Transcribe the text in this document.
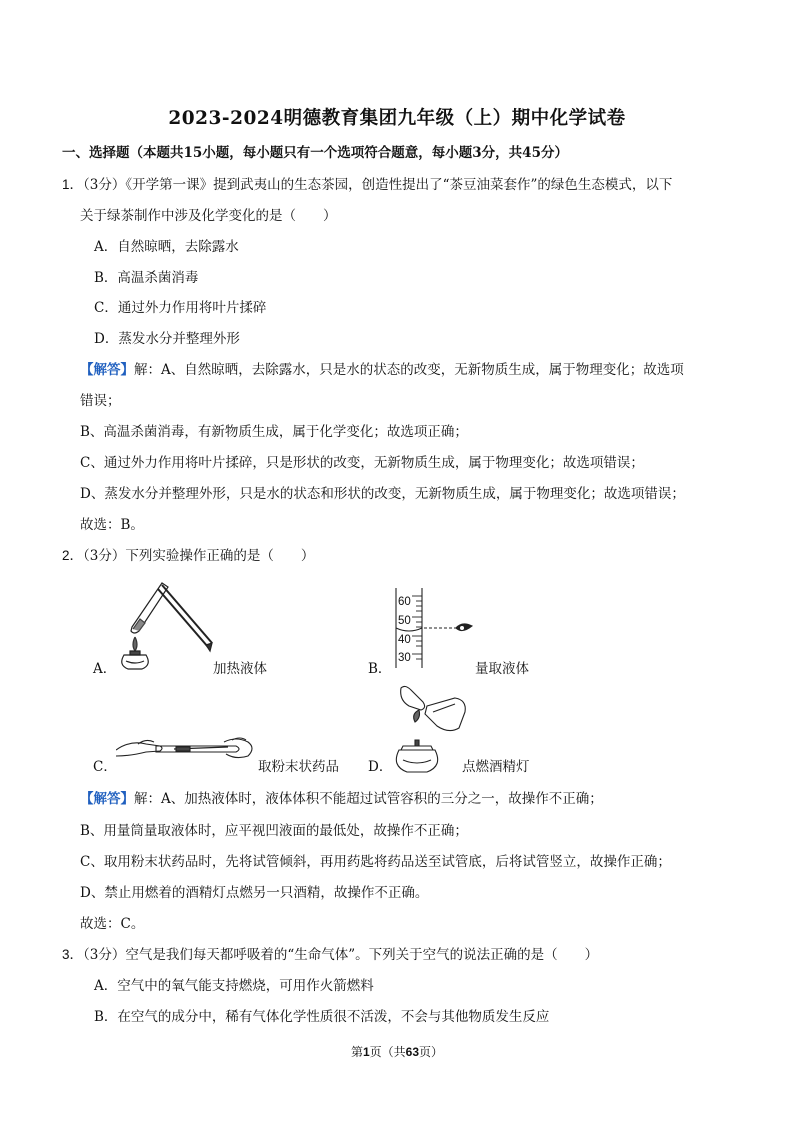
2023-2024明德教育集团九年级（上）期中化学试卷
一、选择题（本题共15小题，每小题只有一个选项符合题意，每小题3分，共45分）
1．（3分）《开学第一课》提到武夷山的生态茶园，创造性提出了“茶豆油菜套作”的绿色生态模式，以下
关于绿茶制作中涉及化学变化的是（　　）
A．自然晾晒，去除露水
B．高温杀菌消毒
C．通过外力作用将叶片揉碎
D．蒸发水分并整理外形
【解答】解：A、自然晾晒，去除露水，只是水的状态的改变，无新物质生成，属于物理变化；故选项
错误；
B、高温杀菌消毒，有新物质生成，属于化学变化；故选项正确；
C、通过外力作用将叶片揉碎，只是形状的改变，无新物质生成，属于物理变化；故选项错误；
D、蒸发水分并整理外形，只是水的状态和形状的改变，无新物质生成，属于物理变化；故选项错误；
故选：B。
2．（3分）下列实验操作正确的是（　　）
A．	加热液体
60
50
40
30
B．	量取液体
C．	取粉末状药品 D．	点燃酒精灯
【解答】解：A、加热液体时，液体体积不能超过试管容积的三分之一，故操作不正确；
B、用量筒量取液体时，应平视凹液面的最低处，故操作不正确；
C、取用粉末状药品时，先将试管倾斜，再用药匙将药品送至试管底，后将试管竖立，故操作正确；
D、禁止用燃着的酒精灯点燃另一只酒精，故操作不正确。
故选：C。
3．（3分）空气是我们每天都呼吸着的“生命气体”。下列关于空气的说法正确的是（　　）
A．空气中的氧气能支持燃烧，可用作火箭燃料
B．在空气的成分中，稀有气体化学性质很不活泼，不会与其他物质发生反应
第1页（共63页）
